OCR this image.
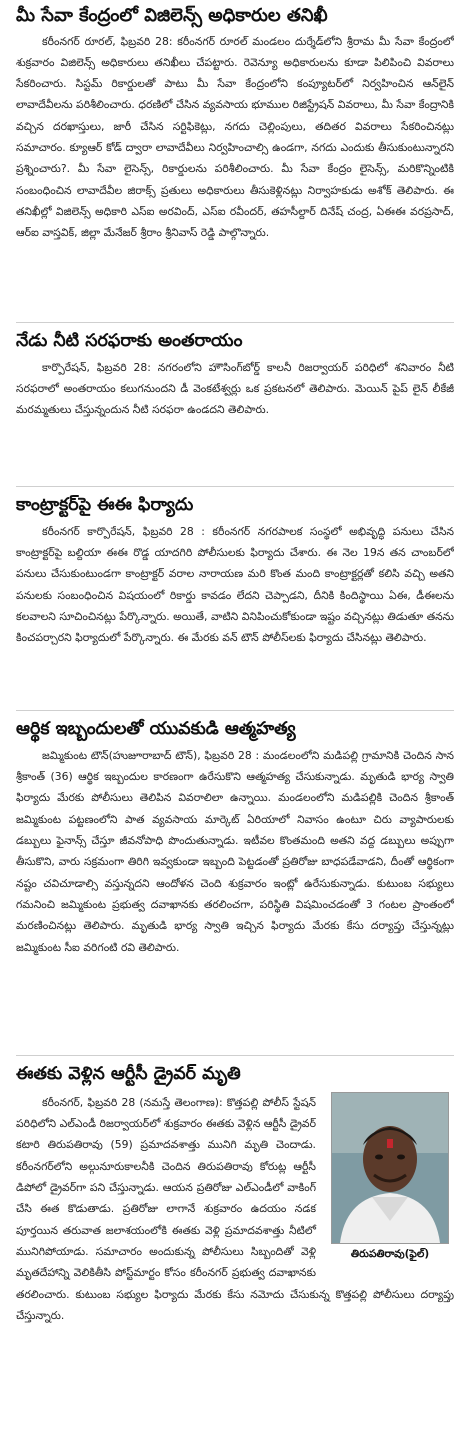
మీ సేవా కేంద్రంలో విజిలెన్స్ అధికారుల తనిఖీ

కరీంనగర్ రూరల్, ఫిబ్రవరి 28: కరీంనగర్ రూరల్ మండలం దుర్శేడ్‌లోని శ్రీరామ మీ సేవా కేంద్రంలో శుక్రవారం విజిలెన్స్ అధికారులు తనిఖీలు చేపట్టారు. రెవెన్యూ అధికారులను కూడా పిలిపించి వివరాలు సేకరించారు. సిస్టమ్ రికార్డులతో పాటు మీ సేవా కేంద్రంలోని కంప్యూటర్‌లో నిర్వహించిన ఆన్‌లైన్ లావాదేవీలను పరిశీలించారు. ధరణిలో చేసిన వ్యవసాయ భూముల రిజిస్ట్రేషన్ వివరాలు, మీ సేవా కేంద్రానికి వచ్చిన దరఖాస్తులు, జారీ చేసిన సర్టిఫికెట్లు, నగదు చెల్లింపులు, తదితర వివరాలు సేకరించినట్లు సమాచారం. క్యూఆర్ కోడ్ ద్వారా లావాదేవీలు నిర్వహించాల్సి ఉండగా, నగదు ఎందుకు తీసుకుంటున్నారని ప్రశ్నించారు?. మీ సేవా లైసెన్స్, రికార్డులను పరిశీలించారు. మీ సేవా కేంద్రం లైసెన్స్, మరికొన్నింటికి సంబంధించిన లావాదేవీల జిరాక్స్ ప్రతులు అధికారులు తీసుకెళ్లినట్లు నిర్వాహకుడు అశోక్ తెలిపారు. ఈ తనిఖీల్లో విజిలెన్స్ అధికారి ఎస్ఐ అరవింద్, ఎస్ఐ రవీందర్, తహసీల్దార్ దినేష్ చంద్ర, ఏఈఈ వరప్రసాద్, ఆర్ఐ వాస్తవిక్, జిల్లా మేనేజర్ శ్రీరాం శ్రీనివాస్ రెడ్డి పాల్గొన్నారు.

నేడు నీటి సరఫరాకు అంతరాయం

కార్పొరేషన్, ఫిబ్రవరి 28: నగరంలోని హౌసింగ్‌బోర్డ్ కాలనీ రిజర్వాయర్ పరిధిలో శనివారం నీటి సరఫరాలో అంతరాయం కలుగనుందని డీ వెంకటేశ్వర్లు ఒక ప్రకటనలో తెలిపారు. మెయిన్ పైప్ లైన్ లీకేజీ మరమ్మతులు చేస్తున్నందున నీటి సరఫరా ఉండదని తెలిపారు.

కాంట్రాక్టర్‌పై ఈఈ ఫిర్యాదు

కరీంనగర్ కార్పొరేషన్, ఫిబ్రవరి 28 : కరీంనగర్ నగరపాలక సంస్థలో అభివృద్ధి పనులు చేసిన కాంట్రాక్టర్‌పై బల్దియా ఈఈ రొడ్డ యాదగిరి పోలీసులకు ఫిర్యాదు చేశారు. ఈ నెల 19న తన చాంబర్‌లో పనులు చేసుకుంటుండగా కాంట్రాక్టర్ వరాల నారాయణ మరి కొంత మంది కాంట్రాక్టర్లతో కలిసి వచ్చి అతని పనులకు సంబంధించిన విషయంలో రికార్డు కావడం లేదని చెప్పాడని, దీనికి కిందిస్థాయి ఏఈ, డీఈలను కలవాలని సూచించినట్లు పేర్కొన్నారు. అయితే, వాటిని వినిపించుకోకుండా ఇష్టం వచ్చినట్లు తిడుతూ తనను కించపర్చారని ఫిర్యాదులో పేర్కొన్నారు. ఈ మేరకు వన్ టౌన్ పోలీస్‌లకు ఫిర్యాదు చేసినట్లు తెలిపారు.

ఆర్థిక ఇబ్బందులతో యువకుడి ఆత్మహత్య

జమ్మికుంట టౌన్(హుజూరాబాద్ టౌన్), ఫిబ్రవరి 28 : మండలంలోని మడిపల్లి గ్రామానికి చెందిన సాన శ్రీకాంత్ (36) ఆర్థిక ఇబ్బందుల కారణంగా ఉరేసుకొని ఆత్మహత్య చేసుకున్నాడు. మృతుడి భార్య స్వాతి ఫిర్యాదు మేరకు పోలీసులు తెలిపిన వివరాలిలా ఉన్నాయి. మండలంలోని మడిపల్లికి చెందిన శ్రీకాంత్ జమ్మికుంట పట్టణంలోని పాత వ్యవసాయ మార్కెట్ ఏరియాలో నివాసం ఉంటూ చిరు వ్యాపారులకు డబ్బులు ఫైనాన్స్ చేస్తూ జీవనోపాధి పొందుతున్నాడు. ఇటీవల కొంతమంది అతని వద్ద డబ్బులు అప్పుగా తీసుకొని, వారు సక్రమంగా తిరిగి ఇవ్వకుండా ఇబ్బంది పెట్టడంతో ప్రతిరోజు బాధపడేవాడని, దీంతో ఆర్థికంగా నష్టం చవిచూడాల్సి వస్తున్నదని ఆందోళన చెంది శుక్రవారం ఇంట్లో ఉరేసుకున్నాడు. కుటుంబ సభ్యులు గమనించి జమ్మికుంట ప్రభుత్వ దవాఖానకు తరలించగా, పరిస్థితి విషమించడంతో 3 గంటల ప్రాంతంలో మరణించినట్లు తెలిపారు. మృతుడి భార్య స్వాతి ఇచ్చిన ఫిర్యాదు మేరకు కేసు దర్యాప్తు చేస్తున్నట్లు జమ్మికుంట సీఐ వరిగంటి రవి తెలిపారు.

ఈతకు వెళ్లిన ఆర్టీసీ డ్రైవర్ మృతి
తిరుపతిరావు(ఫైల్)

కరీంనగర్, ఫిబ్రవరి 28 (నమస్తే తెలంగాణ): కొత్తపల్లి పోలీస్ స్టేషన్ పరిధిలోని ఎల్ఎండీ రిజర్వాయర్‌లో శుక్రవారం ఈతకు వెళ్లిన ఆర్టీసీ డ్రైవర్ కటారి తిరుపతిరావు (59) ప్రమాదవశాత్తు మునిగి మృతి చెందాడు. కరీంనగర్‌లోని అల్గునూరుకాలనీకి చెందిన తిరుపతిరావు కోరుట్ల ఆర్టీసీ డిపోలో డ్రైవర్‌గా పని చేస్తున్నాడు. ఆయన ప్రతిరోజు ఎల్ఎండీలో వాకింగ్ చేసి ఈత కొడుతాడు. ప్రతిరోజు లాగానే శుక్రవారం ఉదయం నడక పూర్తయిన తరువాత జలాశయంలోకి ఈతకు వెళ్లి ప్రమాదవశాత్తు నీటిలో మునిగిపోయాడు. సమాచారం అందుకున్న పోలీసులు సిబ్బందితో వెళ్లి మృతదేహాన్ని వెలికితీసి పోస్ట్‌మార్టం కోసం కరీంనగర్ ప్రభుత్వ దవాఖానకు తరలించారు. కుటుంబ సభ్యుల ఫిర్యాదు మేరకు కేసు నమోదు చేసుకున్న కొత్తపల్లి పోలీసులు దర్యాప్తు చేస్తున్నారు.
